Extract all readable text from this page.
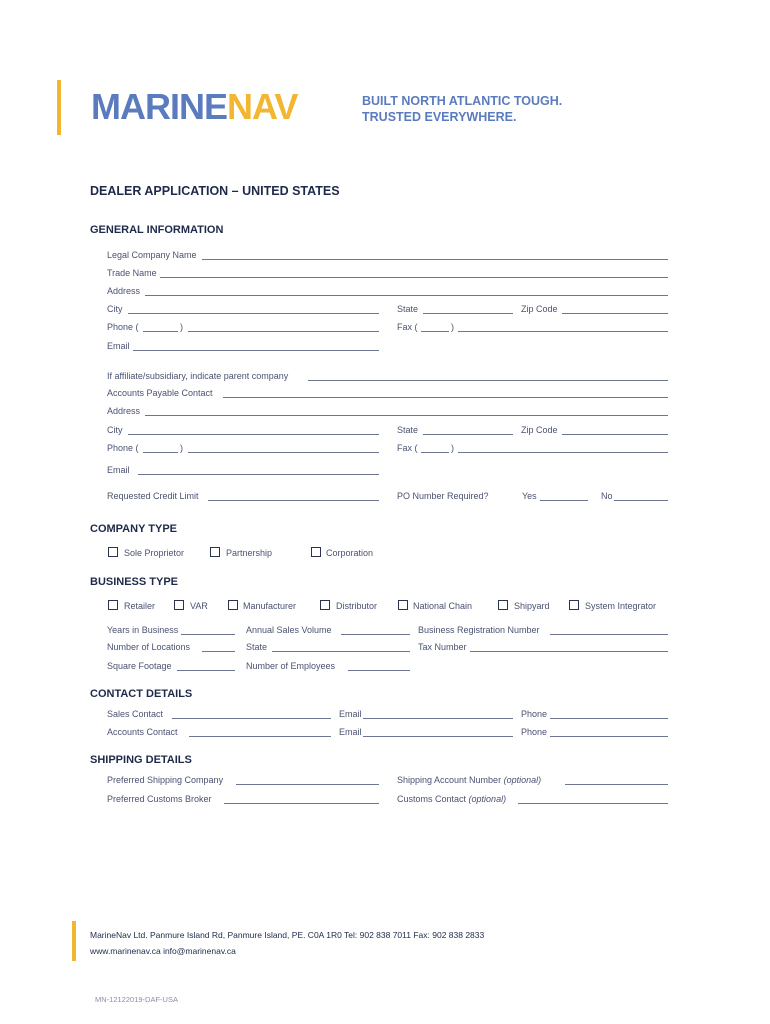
MARINENAV	BUILT NORTH ATLANTIC TOUGH.
TRUSTED EVERYWHERE.
DEALER APPLICATION – UNITED STATES
GENERAL INFORMATION
Legal Company Name
Trade Name
Address
City	State	Zip Code
Phone (	)	Fax (	)
Email
If affiliate/subsidiary, indicate parent company
Accounts Payable Contact
Address
City	State	Zip Code
Phone (	)	Fax (	)
Email
Requested Credit Limit	PO Number Required?	Yes	No
COMPANY TYPE
Sole Proprietor	Partnership	Corporation
BUSINESS TYPE
Retailer	VAR	Manufacturer	Distributor	National Chain	Shipyard	System Integrator
Years in Business	Annual Sales Volume	Business Registration Number
Number of Locations	State	Tax Number
Square Footage	Number of Employees
CONTACT DETAILS
Sales Contact	Email	Phone
Accounts Contact	Email	Phone
SHIPPING DETAILS
Preferred Shipping Company	Shipping Account Number (optional)
Preferred Customs Broker	Customs Contact (optional)
MarineNav Ltd. Panmure Island Rd, Panmure Island, PE. C0A 1R0 Tel: 902 838 7011 Fax: 902 838 2833
www.marinenav.ca info@marinenav.ca
MN-12122019-DAF-USA
